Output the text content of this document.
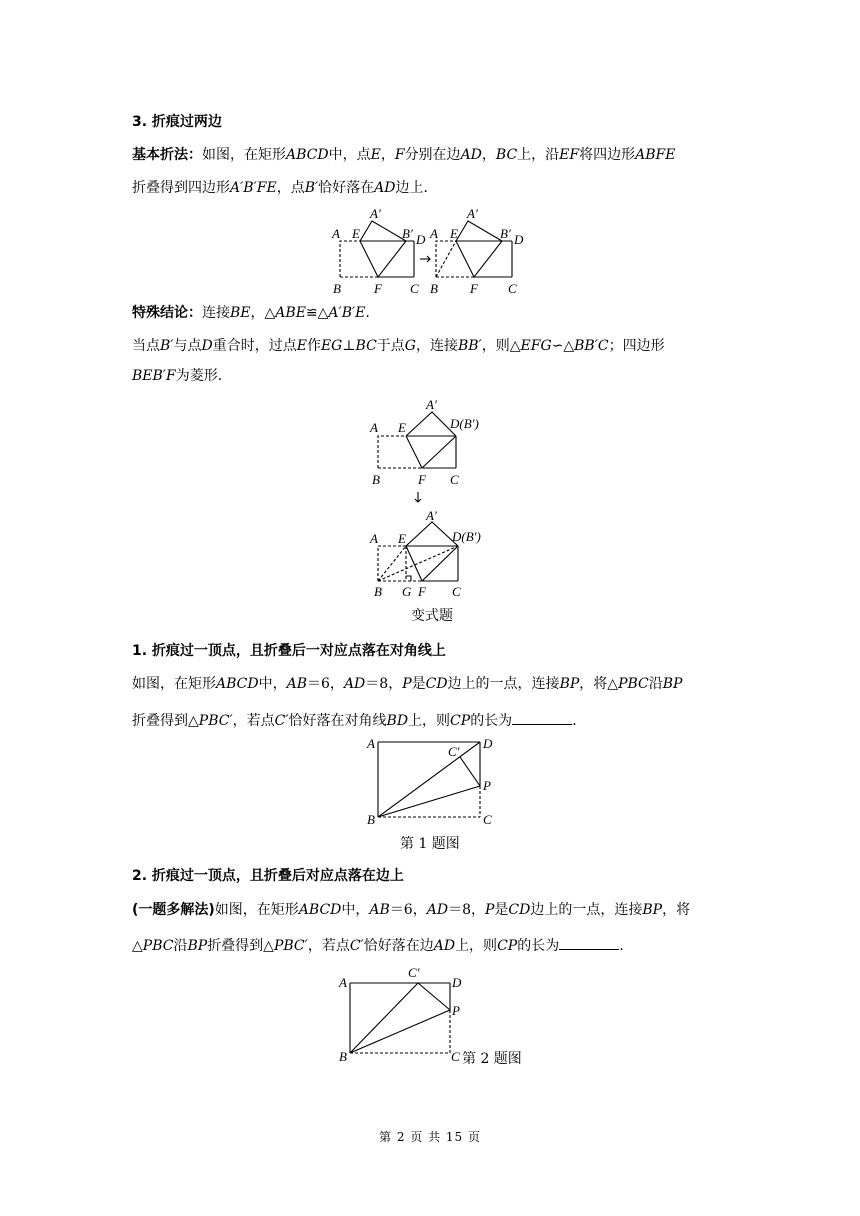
3. 折痕过两边
基本折法：如图，在矩形ABCD中，点E，F分别在边AD，BC上，沿EF将四边形ABFE
折叠得到四边形A′B′FE，点B′恰好落在AD边上．
A E
A′
B′ D
B	F C
A E
A′
B′ D
B F C
特殊结论：连接BE，△ABE≌△A′B′E.
当点B′与点D重合时，过点E作EG⊥BC于点G，连接BB′，则△EFG∽△BB′C；四边形
BEB′F为菱形．
A E
A′
D(B′)
B	F C
A E
A′
D(B′)
B G F C
变式题
1. 折痕过一顶点，且折叠后一对应点落在对角线上
如图，在矩形ABCD中，AB＝6，AD＝8，P是CD边上的一点，连接BP，将△PBC沿BP
折叠得到△PBC′，若点C′恰好落在对角线BD上，则CP的长为	.
A	D
C′
P
B	C
第 1 题图
2. 折痕过一顶点，且折叠后对应点落在边上
(一题多解法)如图，在矩形ABCD中，AB＝6，AD＝8，P是CD边上的一点，连接BP，将
△PBC沿BP折叠得到△PBC′，若点C′恰好落在边AD上，则CP的长为	.
A
C′
D
P
B	C 第 2 题图
第 2 页 共 15 页
